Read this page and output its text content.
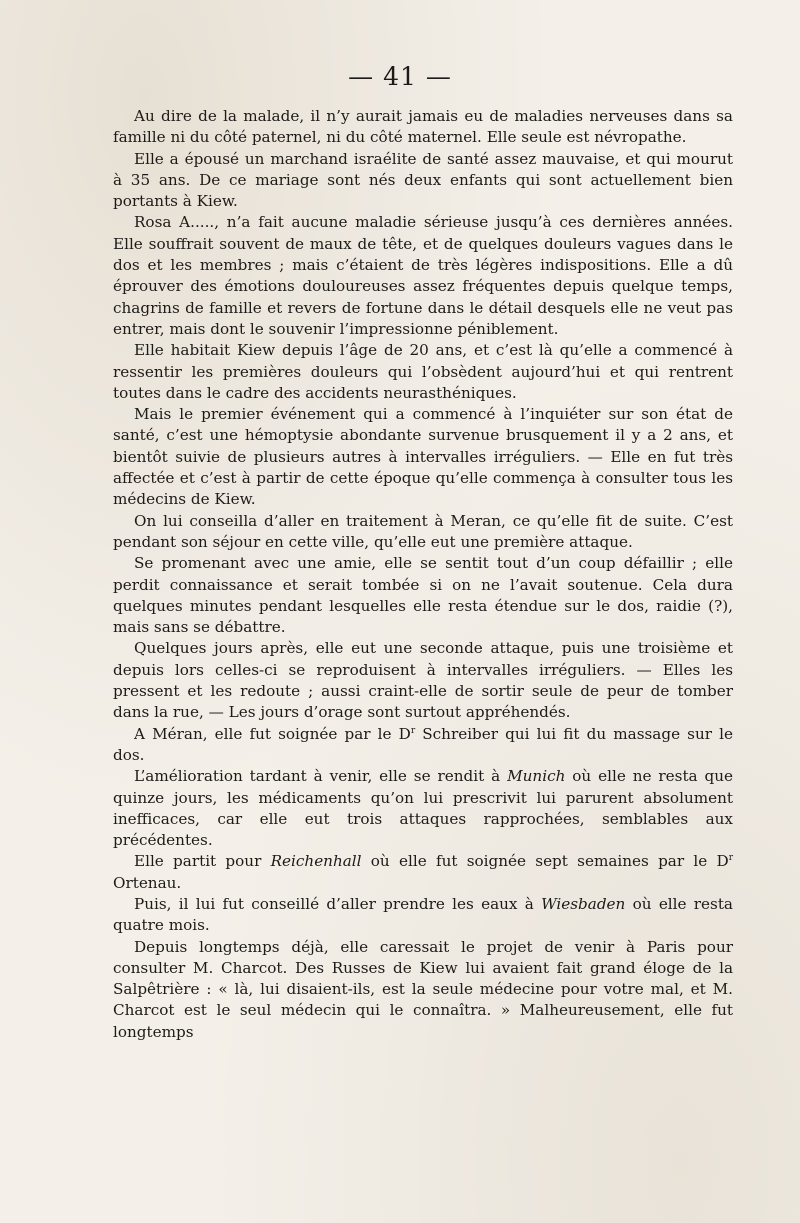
— 41 —

Au dire de la malade, il n’y aurait jamais eu de maladies nerveuses dans sa famille ni du côté paternel, ni du côté maternel. Elle seule est névropathe.

Elle a épousé un marchand israélite de santé assez mauvaise, et qui mourut à 35 ans. De ce mariage sont nés deux enfants qui sont actuellement bien portants à Kiew.

Rosa A....., n’a fait aucune maladie sérieuse jusqu’à ces dernières années. Elle souffrait souvent de maux de tête, et de quelques douleurs vagues dans le dos et les membres ; mais c’étaient de très légères indispositions. Elle a dû éprouver des émotions douloureuses assez fréquentes depuis quelque temps, chagrins de famille et revers de fortune dans le détail desquels elle ne veut pas entrer, mais dont le souvenir l’impressionne péniblement.

Elle habitait Kiew depuis l’âge de 20 ans, et c’est là qu’elle a commencé à ressentir les premières douleurs qui l’obsèdent aujourd’hui et qui rentrent toutes dans le cadre des accidents neurasthéniques.

Mais le premier événement qui a commencé à l’inquiéter sur son état de santé, c’est une hémoptysie abondante survenue brusquement il y a 2 ans, et bientôt suivie de plusieurs autres à intervalles irréguliers. — Elle en fut très affectée et c’est à partir de cette époque qu’elle commença à consulter tous les médecins de Kiew.

On lui conseilla d’aller en traitement à Meran, ce qu’elle fit de suite. C’est pendant son séjour en cette ville, qu’elle eut une première attaque.

Se promenant avec une amie, elle se sentit tout d’un coup défaillir ; elle perdit connaissance et serait tombée si on ne l’avait soutenue. Cela dura quelques minutes pendant lesquelles elle resta étendue sur le dos, raidie (?), mais sans se débattre.

Quelques jours après, elle eut une seconde attaque, puis une troisième et depuis lors celles-ci se reproduisent à intervalles irréguliers. — Elles les pressent et les redoute ; aussi craint-elle de sortir seule de peur de tomber dans la rue, — Les jours d’orage sont surtout appréhendés.

A Méran, elle fut soignée par le $D^r$ Schreiber qui lui fit du massage sur le dos.

L’amélioration tardant à venir, elle se rendit à Munich où elle ne resta que quinze jours, les médicaments qu’on lui prescrivit lui parurent absolument inefficaces, car elle eut trois attaques rapprochées, semblables aux précédentes.

Elle partit pour Reichenhall où elle fut soignée sept semaines par le $D^r$ Ortenau.

Puis, il lui fut conseillé d’aller prendre les eaux à Wiesbaden où elle resta quatre mois.

Depuis longtemps déjà, elle caressait le projet de venir à Paris pour consulter M. Charcot. Des Russes de Kiew lui avaient fait grand éloge de la Salpêtrière : « là, lui disaient-ils, est la seule médecine pour votre mal, et M. Charcot est le seul médecin qui le connaîtra. » Malheureusement, elle fut longtemps
